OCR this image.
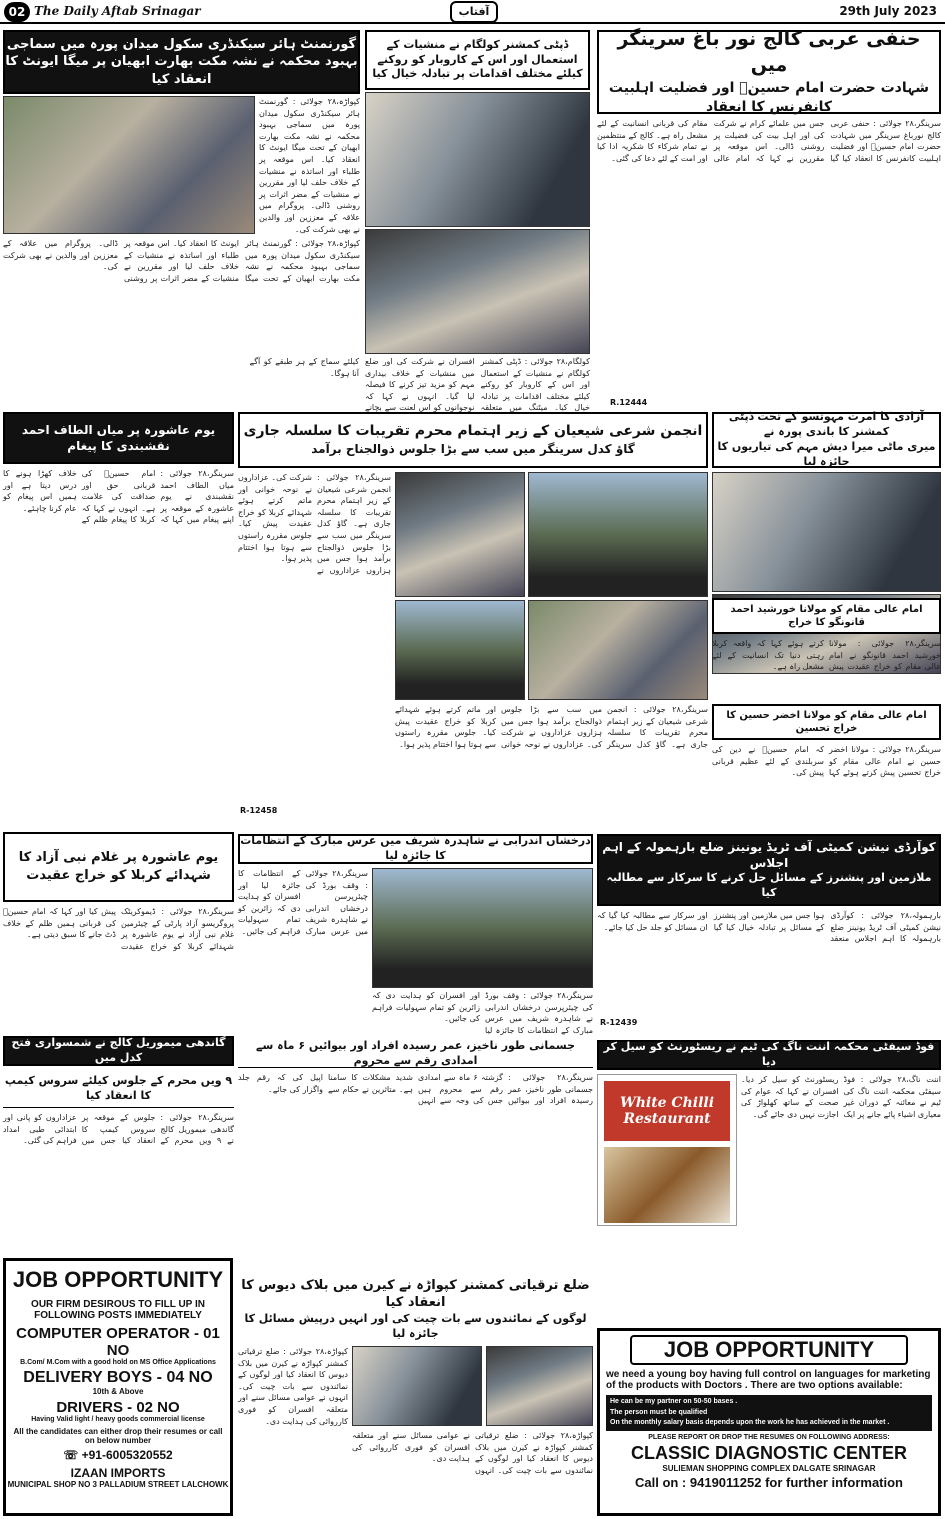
02 The Daily Aftab Srinagar	آفتاب	29th July 2023
حنفی عربی کالج نور باغ سرینگر میں
شہادت حضرت امام حسینؓ اور فضلیت اہلبیت کانفرنس کا انعقاد
سرینگر،۲۸ جولائی : حنفی عربی کالج نورباغ سرینگر میں شہادت حضرت امام حسینؓ اور فضلیت اہلبیت کانفرنس کا انعقاد کیا گیا جس میں علمائے کرام نے شرکت کی اور اہل بیت کی فضیلت پر روشنی ڈالی۔ اس موقعہ پر مقررین نے کہا کہ امام عالی مقام کی قربانی انسانیت کے لئے مشعل راہ ہے۔ کالج کے منتظمین نے تمام شرکاء کا شکریہ ادا کیا اور امت کے لئے دعا کی گئی۔
R.12444
ڈپٹی کمشنر کولگام نے منشیات کے استعمال اور اس کے کاروبار کو روکنے کیلئے مختلف اقدامات پر تبادلہ خیال کیا
کولگام،۲۸ جولائی : ڈپٹی کمشنر کولگام نے منشیات کے استعمال اور اس کے کاروبار کو روکنے کیلئے مختلف اقدامات پر تبادلہ خیال کیا۔ میٹنگ میں متعلقہ افسران نے شرکت کی اور ضلع میں منشیات کے خلاف بیداری مہم کو مزید تیز کرنے کا فیصلہ لیا گیا۔ انہوں نے کہا کہ نوجوانوں کو اس لعنت سے بچانے کیلئے سماج کے ہر طبقے کو آگے آنا ہوگا۔
گورنمنٹ ہائر سیکنڈری سکول میدان پورہ میں سماجی بہبود محکمہ نے نشہ مکت بھارت ابھیان پر میگا ایونٹ کا انعقاد کیا
کپواڑہ،۲۸ جولائی : گورنمنٹ ہائر سیکنڈری سکول میدان پورہ میں سماجی بہبود محکمہ نے نشہ مکت بھارت ابھیان کے تحت میگا ایونٹ کا انعقاد کیا۔ اس موقعہ پر طلباء اور اساتذہ نے منشیات کے خلاف حلف لیا اور مقررین نے منشیات کے مضر اثرات پر روشنی ڈالی۔ پروگرام میں علاقہ کے معززین اور والدین نے بھی شرکت کی۔
کپواڑہ،۲۸ جولائی : گورنمنٹ ہائر سیکنڈری سکول میدان پورہ میں سماجی بہبود محکمہ نے نشہ مکت بھارت ابھیان کے تحت میگا ایونٹ کا انعقاد کیا۔ اس موقعہ پر طلباء اور اساتذہ نے منشیات کے خلاف حلف لیا اور مقررین نے منشیات کے مضر اثرات پر روشنی ڈالی۔ پروگرام میں علاقہ کے معززین اور والدین نے بھی شرکت کی۔
آزادی کا امرت مہوتسو کے تحت ڈپٹی کمشنر کا باندی پورہ نے
میری ماٹی میرا دیش مہم کی تیاریوں کا جائزہ لیا
انجمن شرعی شیعیان کے زیر اہتمام محرم تقریبات کا سلسلہ جاری
گاؤ کدل سرینگر میں سب سے بڑا جلوس ذوالجناح برآمد
سرینگر،۲۸ جولائی : انجمن شرعی شیعیان کے زیر اہتمام محرم تقریبات کا سلسلہ جاری ہے۔ گاؤ کدل سرینگر میں سب سے بڑا جلوس ذوالجناح برآمد ہوا جس میں ہزاروں عزاداروں نے شرکت کی۔ عزاداروں نے نوحہ خوانی اور ماتم کرتے ہوئے شہدائے کربلا کو خراج عقیدت پیش کیا۔ جلوس مقررہ راستوں سے ہوتا ہوا اختتام پذیر ہوا۔
سرینگر،۲۸ جولائی : انجمن شرعی شیعیان کے زیر اہتمام محرم تقریبات کا سلسلہ جاری ہے۔ گاؤ کدل سرینگر میں سب سے بڑا جلوس ذوالجناح برآمد ہوا جس میں ہزاروں عزاداروں نے شرکت کی۔ عزاداروں نے نوحہ خوانی اور ماتم کرتے ہوئے شہدائے کربلا کو خراج عقیدت پیش کیا۔ جلوس مقررہ راستوں سے ہوتا ہوا اختتام پذیر ہوا۔
R-12458
یوم عاشورہ پر میاں الطاف احمد نقشبندی کا پیغام
سرینگر،۲۸ جولائی : میاں الطاف احمد نقشبندی نے یوم عاشورہ کے موقعہ پر اپنے پیغام میں کہا کہ امام حسینؓ کی قربانی حق اور صداقت کی علامت ہے۔ انہوں نے کہا کہ کربلا کا پیغام ظلم کے خلاف کھڑا ہونے کا درس دیتا ہے اور ہمیں اس پیغام کو عام کرنا چاہئے۔
امام عالی مقام کو مولانا خورشید احمد قانونگو کا خراج
سرینگر،۲۸ جولائی : مولانا خورشید احمد قانونگو نے امام عالی مقام کو خراج عقیدت پیش کرتے ہوئے کہا کہ واقعہ کربلا رہتی دنیا تک انسانیت کے لئے مشعل راہ ہے۔
امام عالی مقام کو مولانا اخضر حسین کا خراج تحسین
سرینگر،۲۸ جولائی : مولانا اخضر حسین نے امام عالی مقام کو خراج تحسین پیش کرتے ہوئے کہا کہ امام حسینؓ نے دین کی سربلندی کے لئے عظیم قربانی پیش کی۔
یوم عاشورہ پر غلام نبی آزاد کا شہدائے کربلا کو خراج عقیدت
سرینگر،۲۸ جولائی : ڈیموکریٹک پروگریسو آزاد پارٹی کے چیئرمین غلام نبی آزاد نے یوم عاشورہ پر شہدائے کربلا کو خراج عقیدت پیش کیا اور کہا کہ امام حسینؓ کی قربانی ہمیں ظلم کے خلاف ڈٹ جانے کا سبق دیتی ہے۔
درخشاں اندرابی نے شاہدرہ شریف میں عرس مبارک کے انتظامات کا جائزہ لیا
سرینگر،۲۸ جولائی : وقف بورڈ کی چیئرپرسن درخشاں اندرابی نے شاہدرہ شریف میں عرس مبارک کے انتظامات کا جائزہ لیا اور افسران کو ہدایت دی کہ زائرین کو تمام سہولیات فراہم کی جائیں۔
سرینگر،۲۸ جولائی : وقف بورڈ کی چیئرپرسن درخشاں اندرابی نے شاہدرہ شریف میں عرس مبارک کے انتظامات کا جائزہ لیا اور افسران کو ہدایت دی کہ زائرین کو تمام سہولیات فراہم کی جائیں۔
کوآرڈی نیشن کمیٹی آف ٹریڈ یونینز ضلع بارہمولہ کے اہم اجلاس
ملازمین اور پنشنرز کے مسائل حل کرنے کا سرکار سے مطالبہ کیا
بارہمولہ،۲۸ جولائی : کوآرڈی نیشن کمیٹی آف ٹریڈ یونینز ضلع بارہمولہ کا اہم اجلاس منعقد ہوا جس میں ملازمین اور پنشنرز کے مسائل پر تبادلہ خیال کیا گیا اور سرکار سے مطالبہ کیا گیا کہ ان مسائل کو جلد حل کیا جائے۔
R-12439
گاندھی میموریل کالج نے شمسواری فتح کدل میں
۹ ویں محرم کے جلوس کیلئے سروس کیمپ کا انعقاد کیا
سرینگر،۲۸ جولائی : گاندھی میموریل کالج نے ۹ ویں محرم کے جلوس کے موقعہ پر سروس کیمپ کا انعقاد کیا جس میں عزاداروں کو پانی اور ابتدائی طبی امداد فراہم کی گئی۔
جسمانی طور ناخیز، عمر رسیدہ افراد اور بیوائیں ۶ ماہ سے امدادی رقم سے محروم
سرینگر،۲۸ جولائی : جسمانی طور ناخیز، عمر رسیدہ افراد اور بیوائیں گزشتہ ۶ ماہ سے امدادی رقم سے محروم ہیں جس کی وجہ سے انہیں شدید مشکلات کا سامنا ہے۔ متاثرین نے حکام سے اپیل کی کہ رقم جلد واگزار کی جائے۔
فوڈ سیفٹی محکمہ اننت ناگ کی ٹیم نے ریسٹورنٹ کو سیل کر دیا
White Chilli Restaurant
اننت ناگ،۲۸ جولائی : فوڈ سیفٹی محکمہ اننت ناگ کی ٹیم نے معائنہ کے دوران غیر معیاری اشیاء پائے جانے پر ایک ریسٹورنٹ کو سیل کر دیا۔ افسران نے کہا کہ عوام کی صحت کے ساتھ کھلواڑ کی اجازت نہیں دی جائے گی۔
ضلع ترقیاتی کمشنر کپواڑہ نے کیرن میں بلاک دیوس کا انعقاد کیا
لوگوں کے نمائندوں سے بات چیت کی اور انہیں درپیش مسائل کا جائزہ لیا
کپواڑہ،۲۸ جولائی : ضلع ترقیاتی کمشنر کپواڑہ نے کیرن میں بلاک دیوس کا انعقاد کیا اور لوگوں کے نمائندوں سے بات چیت کی۔ انہوں نے عوامی مسائل سنے اور متعلقہ افسران کو فوری کارروائی کی ہدایت دی۔
کپواڑہ،۲۸ جولائی : ضلع ترقیاتی کمشنر کپواڑہ نے کیرن میں بلاک دیوس کا انعقاد کیا اور لوگوں کے نمائندوں سے بات چیت کی۔ انہوں نے عوامی مسائل سنے اور متعلقہ افسران کو فوری کارروائی کی ہدایت دی۔
JOB OPPORTUNITY
OUR FIRM DESIROUS TO FILL UP IN
FOLLOWING POSTS IMMEDIATELY
COMPUTER OPERATOR - 01 NO
B.Com/ M.Com with a good hold on MS Office Applications
DELIVERY BOYS - 04 NO
10th & Above
DRIVERS - 02 NO
Having Valid light / heavy goods commercial license
All the candidates can either drop their resumes or call on below number
☏ +91-6005320552
IZAAN IMPORTS
MUNICIPAL SHOP NO 3 PALLADIUM STREET LALCHOWK
JOB OPPORTUNITY
we need a young boy having full control on languages for marketing of the products with Doctors . There are two options available:
He can be my partner on 50-50 bases .
The person must be qualified
On the monthly salary basis depends upon the work he has achieved in the market .
PLEASE REPORT OR DROP THE RESUMES ON FOLLOWING ADDRESS:
CLASSIC DIAGNOSTIC CENTER
SULIEMAN SHOPPING COMPLEX DALGATE SRINAGAR
Call on : 9419011252 for further information
